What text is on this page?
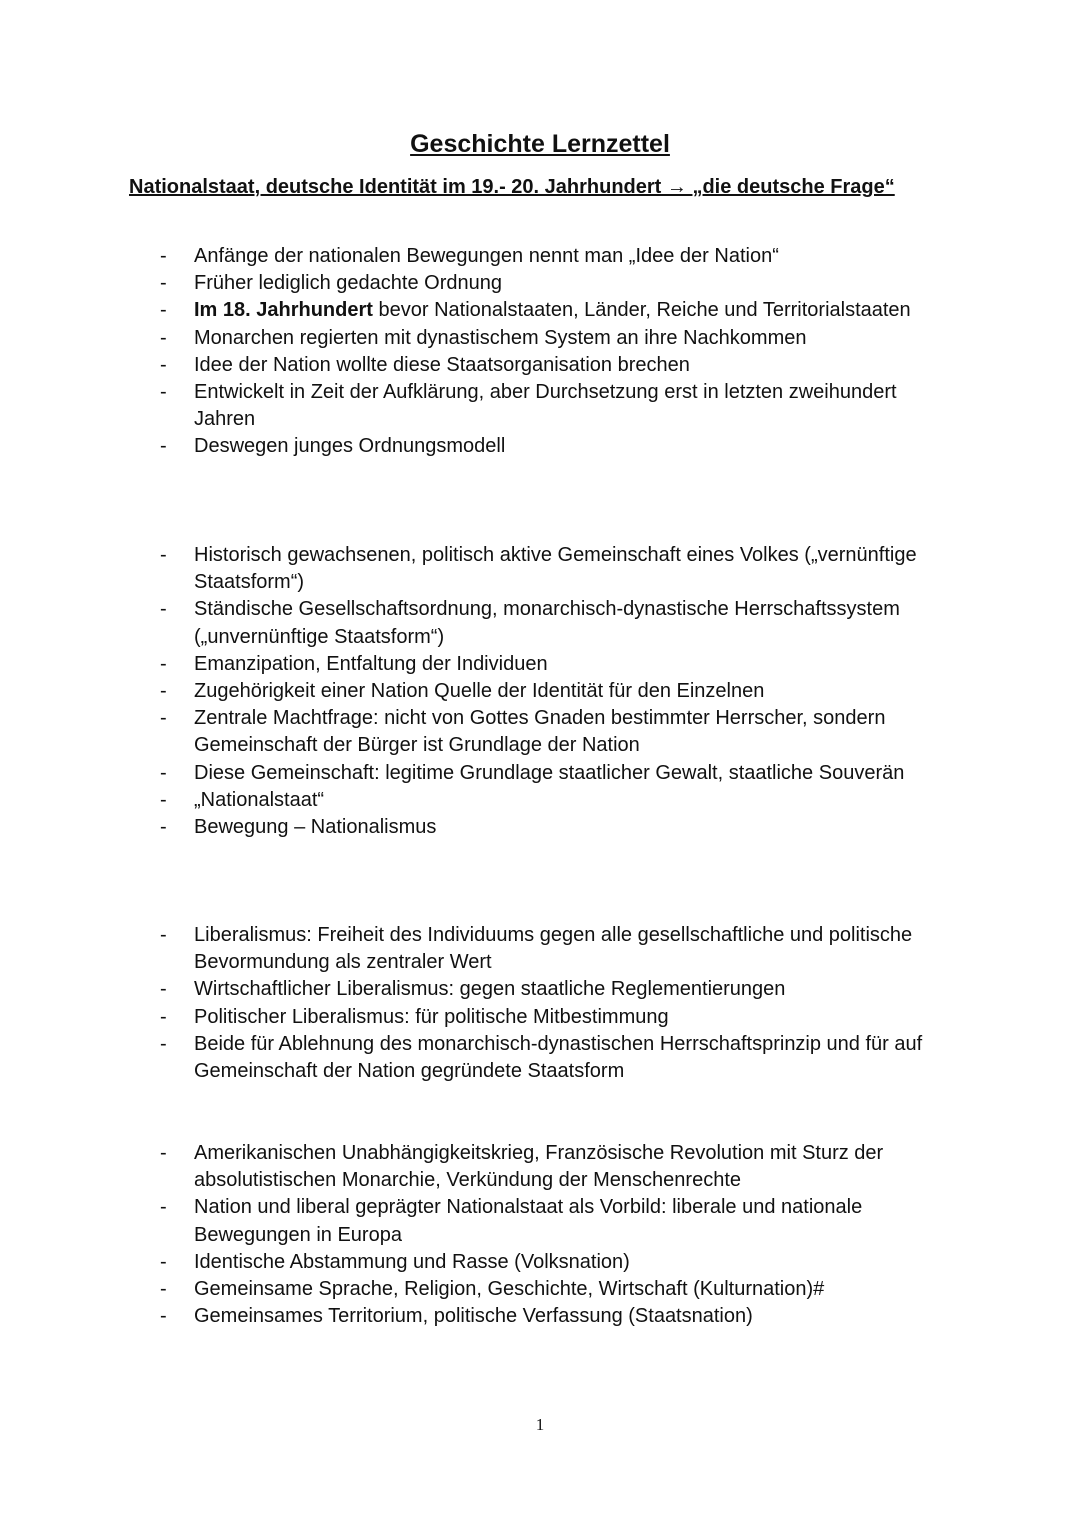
Geschichte Lernzettel
Nationalstaat, deutsche Identität im 19.- 20. Jahrhundert → „die deutsche Frage“
- Anfänge der nationalen Bewegungen nennt man „Idee der Nation“
- Früher lediglich gedachte Ordnung
- Im 18. Jahrhundert bevor Nationalstaaten, Länder, Reiche und Territorialstaaten
- Monarchen regierten mit dynastischem System an ihre Nachkommen
- Idee der Nation wollte diese Staatsorganisation brechen
- Entwickelt in Zeit der Aufklärung, aber Durchsetzung erst in letzten zweihundert Jahren
- Deswegen junges Ordnungsmodell
- Historisch gewachsenen, politisch aktive Gemeinschaft eines Volkes („vernünftige Staatsform“)
- Ständische Gesellschaftsordnung, monarchisch-dynastische Herrschaftssystem („unvernünftige Staatsform“)
- Emanzipation, Entfaltung der Individuen
- Zugehörigkeit einer Nation Quelle der Identität für den Einzelnen
- Zentrale Machtfrage: nicht von Gottes Gnaden bestimmter Herrscher, sondern Gemeinschaft der Bürger ist Grundlage der Nation
- Diese Gemeinschaft: legitime Grundlage staatlicher Gewalt, staatliche Souverän
- „Nationalstaat“
- Bewegung – Nationalismus
- Liberalismus: Freiheit des Individuums gegen alle gesellschaftliche und politische Bevormundung als zentraler Wert
- Wirtschaftlicher Liberalismus: gegen staatliche Reglementierungen
- Politischer Liberalismus: für politische Mitbestimmung
- Beide für Ablehnung des monarchisch-dynastischen Herrschaftsprinzip und für auf Gemeinschaft der Nation gegründete Staatsform
- Amerikanischen Unabhängigkeitskrieg, Französische Revolution mit Sturz der absolutistischen Monarchie, Verkündung der Menschenrechte
- Nation und liberal geprägter Nationalstaat als Vorbild: liberale und nationale Bewegungen in Europa
- Identische Abstammung und Rasse (Volksnation)
- Gemeinsame Sprache, Religion, Geschichte, Wirtschaft (Kulturnation)#
- Gemeinsames Territorium, politische Verfassung (Staatsnation)
1
